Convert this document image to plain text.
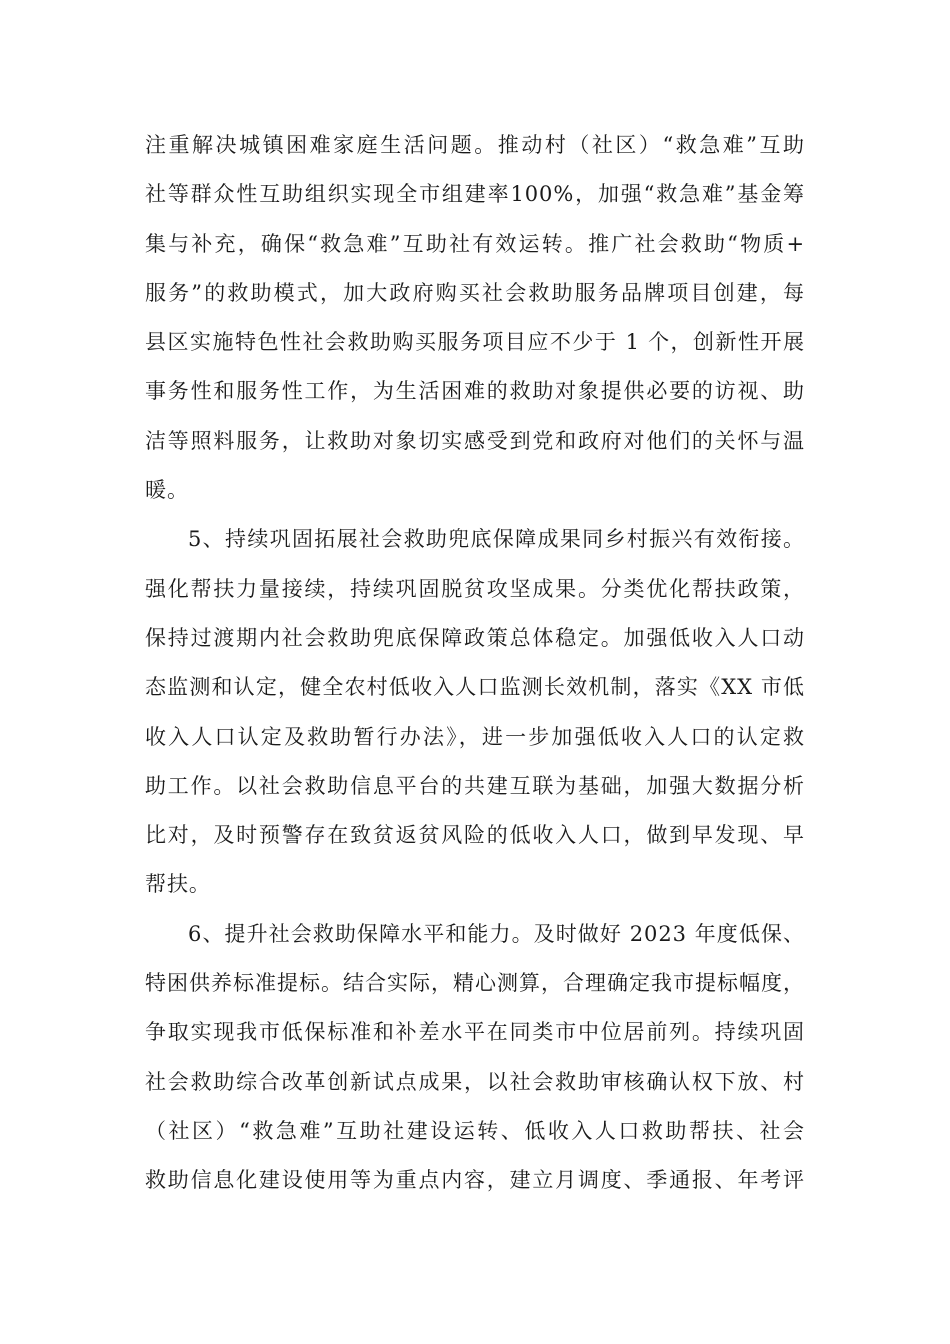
注重解决城镇困难家庭生活问题。推动村（社区）“救急难”互助
社等群众性互助组织实现全市组建率100%，加强“救急难”基金筹
集与补充，确保“救急难”互助社有效运转。推广社会救助“物质+
服务”的救助模式，加大政府购买社会救助服务品牌项目创建，每
县区实施特色性社会救助购买服务项目应不少于 1 个，创新性开展
事务性和服务性工作，为生活困难的救助对象提供必要的访视、助
洁等照料服务，让救助对象切实感受到党和政府对他们的关怀与温
暖。
5、持续巩固拓展社会救助兜底保障成果同乡村振兴有效衔接。
强化帮扶力量接续，持续巩固脱贫攻坚成果。分类优化帮扶政策，
保持过渡期内社会救助兜底保障政策总体稳定。加强低收入人口动
态监测和认定，健全农村低收入人口监测长效机制，落实《XX 市低
收入人口认定及救助暂行办法》，进一步加强低收入人口的认定救
助工作。以社会救助信息平台的共建互联为基础，加强大数据分析
比对，及时预警存在致贫返贫风险的低收入人口，做到早发现、早
帮扶。
6、提升社会救助保障水平和能力。及时做好 2023 年度低保、
特困供养标准提标。结合实际，精心测算，合理确定我市提标幅度，
争取实现我市低保标准和补差水平在同类市中位居前列。持续巩固
社会救助综合改革创新试点成果，以社会救助审核确认权下放、村
（社区）“救急难”互助社建设运转、低收入人口救助帮扶、社会
救助信息化建设使用等为重点内容，建立月调度、季通报、年考评
